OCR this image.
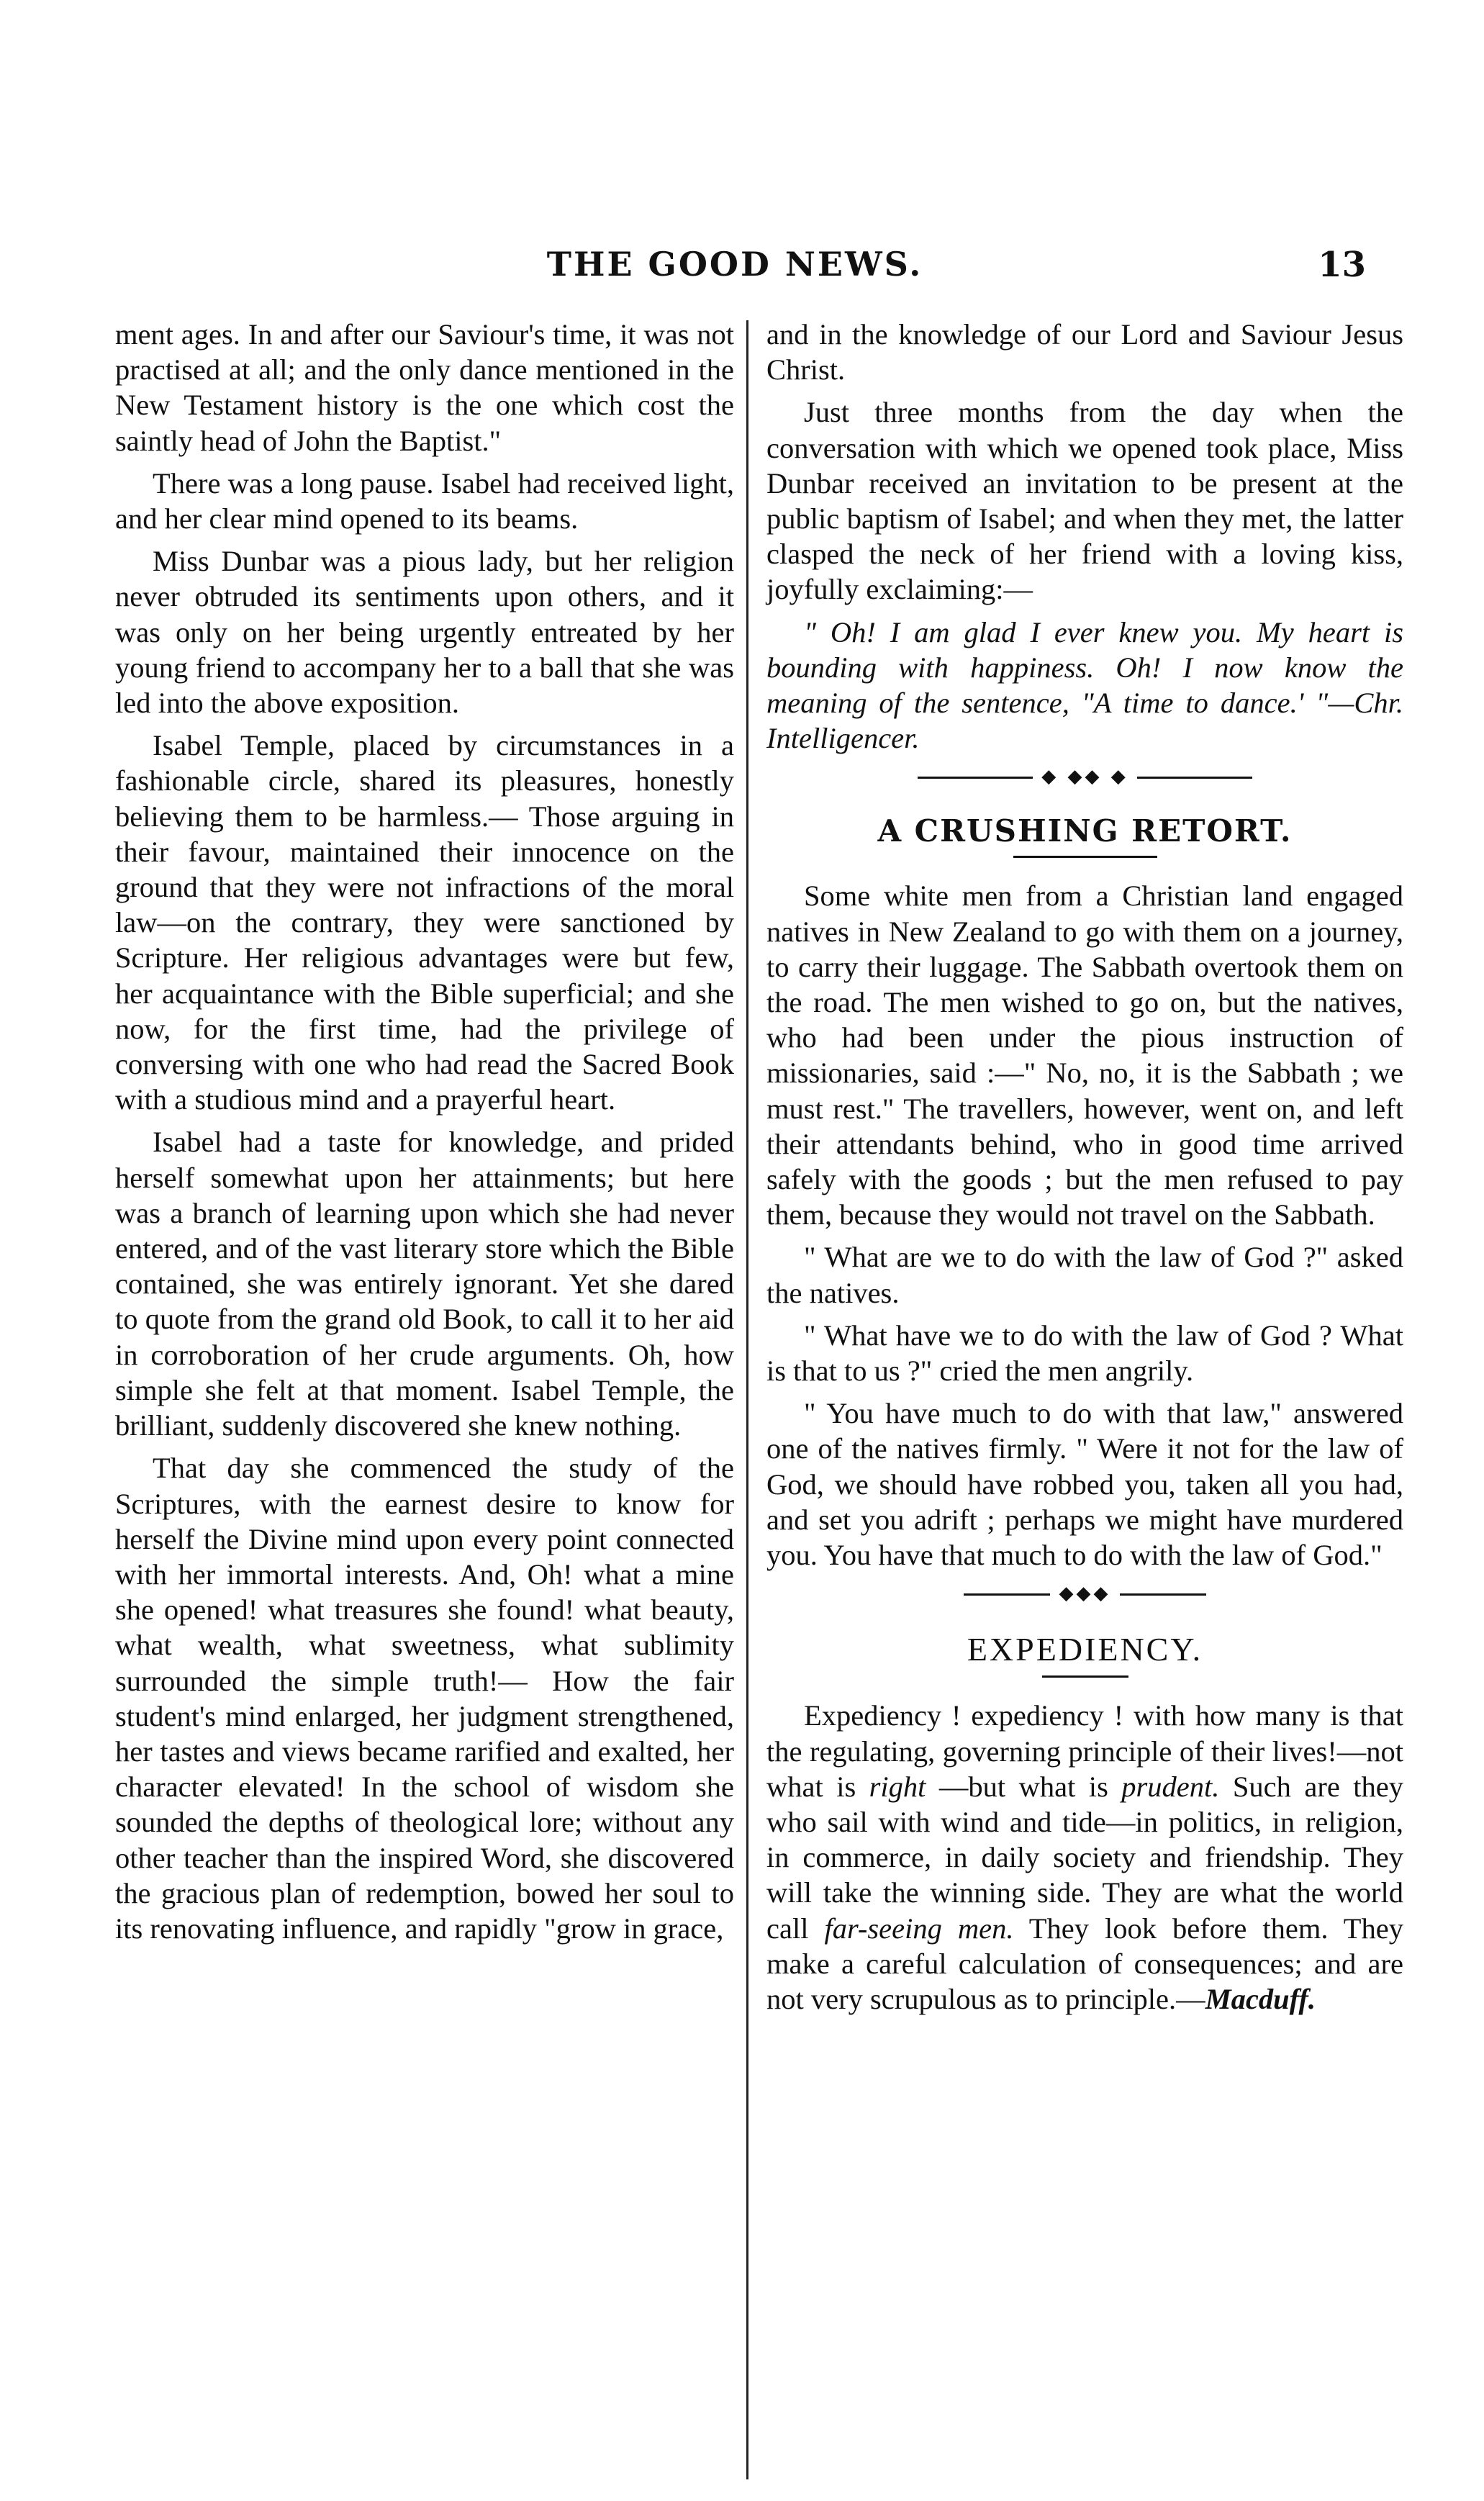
THE GOOD NEWS.	13

ment ages. In and after our Saviour's time, it was not practised at all; and the only dance mentioned in the New Testament history is the one which cost the saintly head of John the Baptist."

There was a long pause. Isabel had received light, and her clear mind opened to its beams.

Miss Dunbar was a pious lady, but her religion never obtruded its sentiments upon others, and it was only on her being urgently entreated by her young friend to accompany her to a ball that she was led into the above exposition.

Isabel Temple, placed by circumstances in a fashionable circle, shared its pleasures, honestly believing them to be harmless.— Those arguing in their favour, maintained their innocence on the ground that they were not infractions of the moral law—on the contrary, they were sanctioned by Scripture. Her religious advantages were but few, her acquaintance with the Bible superficial; and she now, for the first time, had the privilege of conversing with one who had read the Sacred Book with a studious mind and a prayerful heart.

Isabel had a taste for knowledge, and prided herself somewhat upon her attainments; but here was a branch of learning upon which she had never entered, and of the vast literary store which the Bible contained, she was entirely ignorant. Yet she dared to quote from the grand old Book, to call it to her aid in corroboration of her crude arguments. Oh, how simple she felt at that moment. Isabel Temple, the brilliant, suddenly discovered she knew nothing.

That day she commenced the study of the Scriptures, with the earnest desire to know for herself the Divine mind upon every point connected with her immortal interests. And, Oh! what a mine she opened! what treasures she found! what beauty, what wealth, what sweetness, what sublimity surrounded the simple truth!— How the fair student's mind enlarged, her judgment strengthened, her tastes and views became rarified and exalted, her character elevated! In the school of wisdom she sounded the depths of theological lore; without any other teacher than the inspired Word, she discovered the gracious plan of redemption, bowed her soul to its renovating influence, and rapidly "grow in grace,

and in the knowledge of our Lord and Saviour Jesus Christ.

Just three months from the day when the conversation with which we opened took place, Miss Dunbar received an invitation to be present at the public baptism of Isabel; and when they met, the latter clasped the neck of her friend with a loving kiss, joyfully exclaiming:—

" Oh! I am glad I ever knew you. My heart is bounding with happiness. Oh! I now know the meaning of the sentence, "A time to dance.' "—Chr. Intelligencer.

◆ ◆◆ ◆
A CRUSHING RETORT.

Some white men from a Christian land engaged natives in New Zealand to go with them on a journey, to carry their luggage. The Sabbath overtook them on the road. The men wished to go on, but the natives, who had been under the pious instruction of missionaries, said :—" No, no, it is the Sabbath ; we must rest." The travellers, however, went on, and left their attendants behind, who in good time arrived safely with the goods ; but the men refused to pay them, because they would not travel on the Sabbath.

" What are we to do with the law of God ?" asked the natives.

" What have we to do with the law of God ? What is that to us ?" cried the men angrily.

" You have much to do with that law," answered one of the natives firmly. " Were it not for the law of God, we should have robbed you, taken all you had, and set you adrift ; perhaps we might have murdered you. You have that much to do with the law of God."

◆◆◆
EXPEDIENCY.

Expediency ! expediency ! with how many is that the regulating, governing principle of their lives!—not what is right —but what is prudent. Such are they who sail with wind and tide—in politics, in religion, in commerce, in daily society and friendship. They will take the winning side. They are what the world call far-seeing men. They look before them. They make a careful calculation of consequences; and are not very scrupulous as to principle.—Macduff.
